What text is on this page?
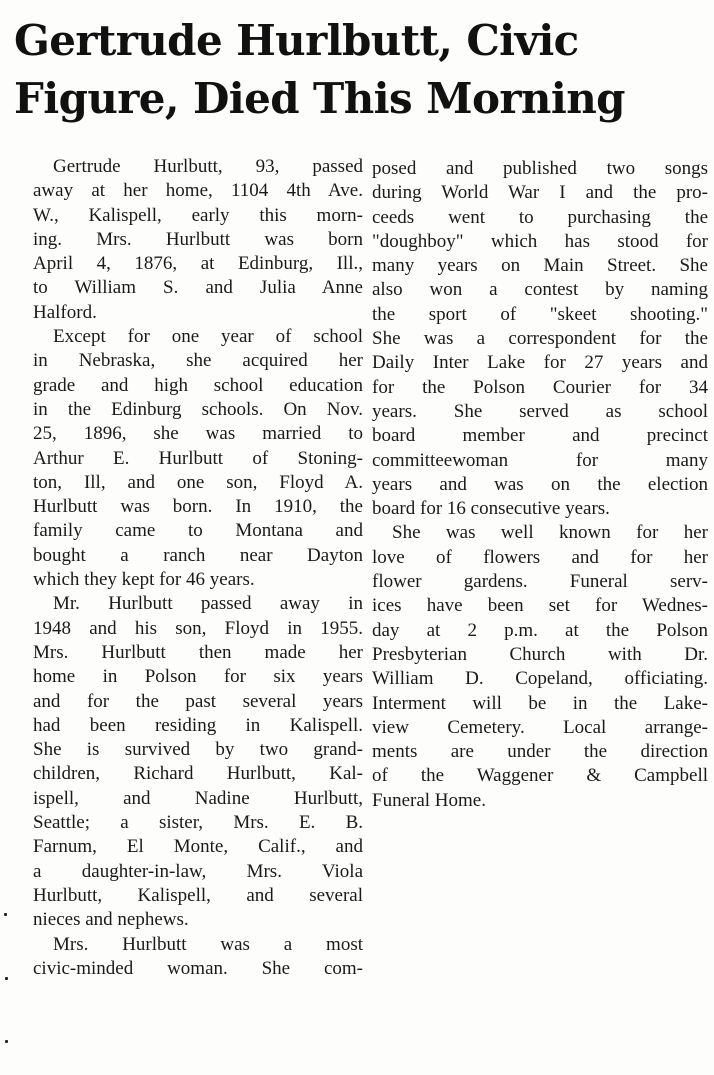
Gertrude Hurlbutt, Civic
Figure, Died This Morning
Gertrude Hurlbutt, 93, passed
away at her home, 1104 4th Ave.
W., Kalispell, early this morn-
ing. Mrs. Hurlbutt was born
April 4, 1876, at Edinburg, Ill.,
to William S. and Julia Anne
Halford.
Except for one year of school
in Nebraska, she acquired her
grade and high school education
in the Edinburg schools. On Nov.
25, 1896, she was married to
Arthur E. Hurlbutt of Stoning-
ton, Ill, and one son, Floyd A.
Hurlbutt was born. In 1910, the
family came to Montana and
bought a ranch near Dayton
which they kept for 46 years.
Mr. Hurlbutt passed away in
1948 and his son, Floyd in 1955.
Mrs. Hurlbutt then made her
home in Polson for six years
and for the past several years
had been residing in Kalispell.
She is survived by two grand-
children, Richard Hurlbutt, Kal-
ispell, and Nadine Hurlbutt,
Seattle; a sister, Mrs. E. B.
Farnum, El Monte, Calif., and
a daughter-in-law, Mrs. Viola
Hurlbutt, Kalispell, and several
nieces and nephews.
Mrs. Hurlbutt was a most
civic-minded woman. She com-
posed and published two songs
during World War I and the pro-
ceeds went to purchasing the
"doughboy" which has stood for
many years on Main Street. She
also won a contest by naming
the sport of "skeet shooting."
She was a correspondent for the
Daily Inter Lake for 27 years and
for the Polson Courier for 34
years. She served as school
board member and precinct
committeewoman for many
years and was on the election
board for 16 consecutive years.
She was well known for her
love of flowers and for her
flower gardens. Funeral serv-
ices have been set for Wednes-
day at 2 p.m. at the Polson
Presbyterian Church with Dr.
William D. Copeland, officiating.
Interment will be in the Lake-
view Cemetery. Local arrange-
ments are under the direction
of the Waggener & Campbell
Funeral Home.
